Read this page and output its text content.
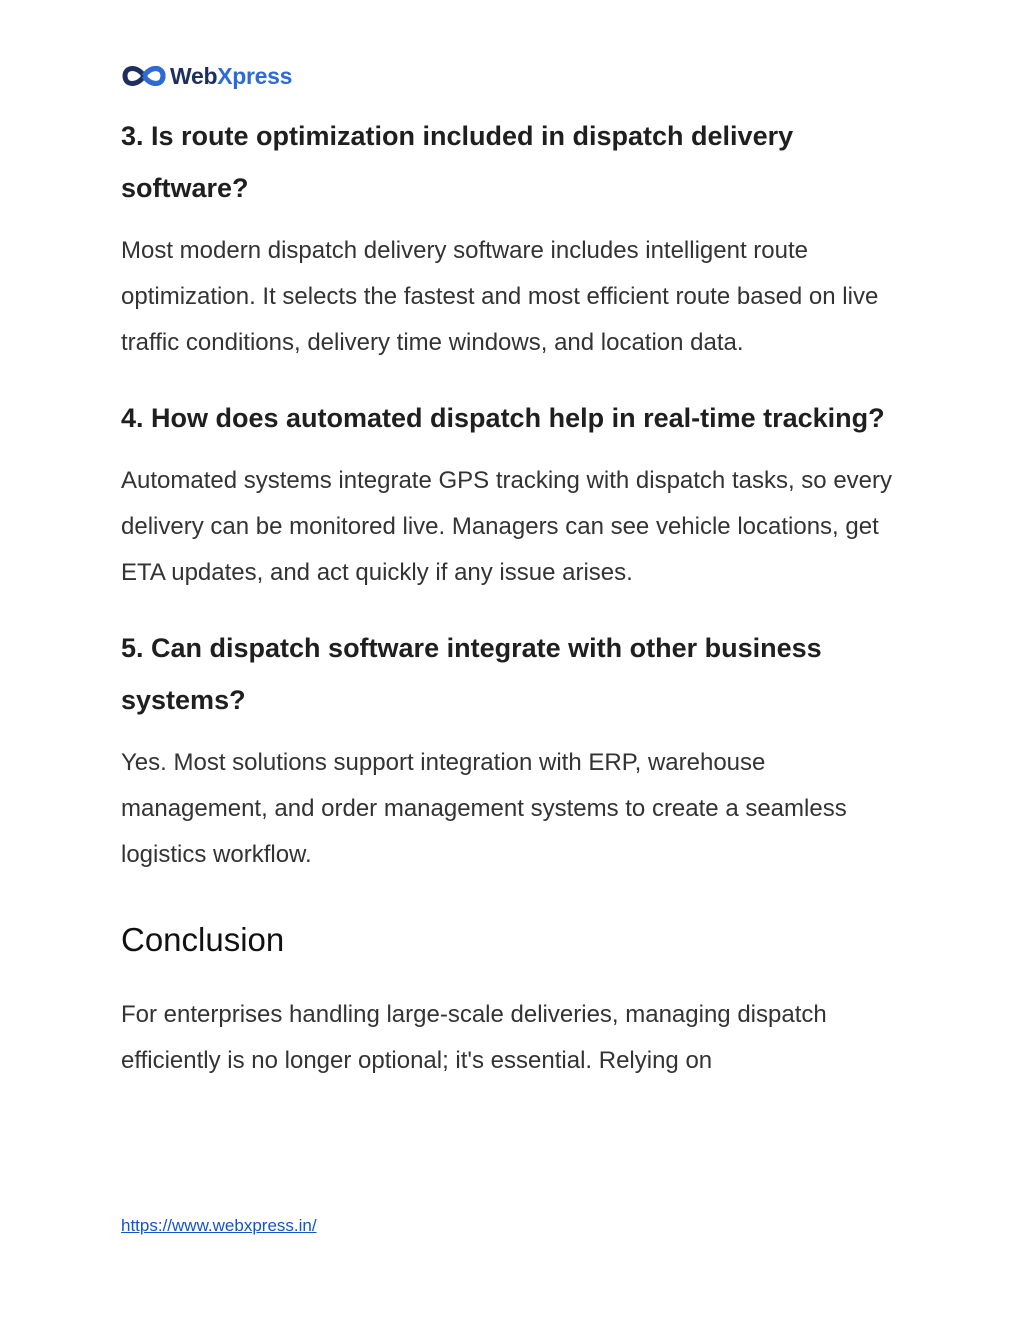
WebXpress
3. Is route optimization included in dispatch delivery software?

Most modern dispatch delivery software includes intelligent route optimization. It selects the fastest and most efficient route based on live traffic conditions, delivery time windows, and location data.

4. How does automated dispatch help in real-time tracking?

Automated systems integrate GPS tracking with dispatch tasks, so every delivery can be monitored live. Managers can see vehicle locations, get ETA updates, and act quickly if any issue arises.

5. Can dispatch software integrate with other business systems?

Yes. Most solutions support integration with ERP, warehouse management, and order management systems to create a seamless logistics workflow.

Conclusion

For enterprises handling large-scale deliveries, managing dispatch efficiently is no longer optional; it's essential. Relying on

https://www.webxpress.in/
